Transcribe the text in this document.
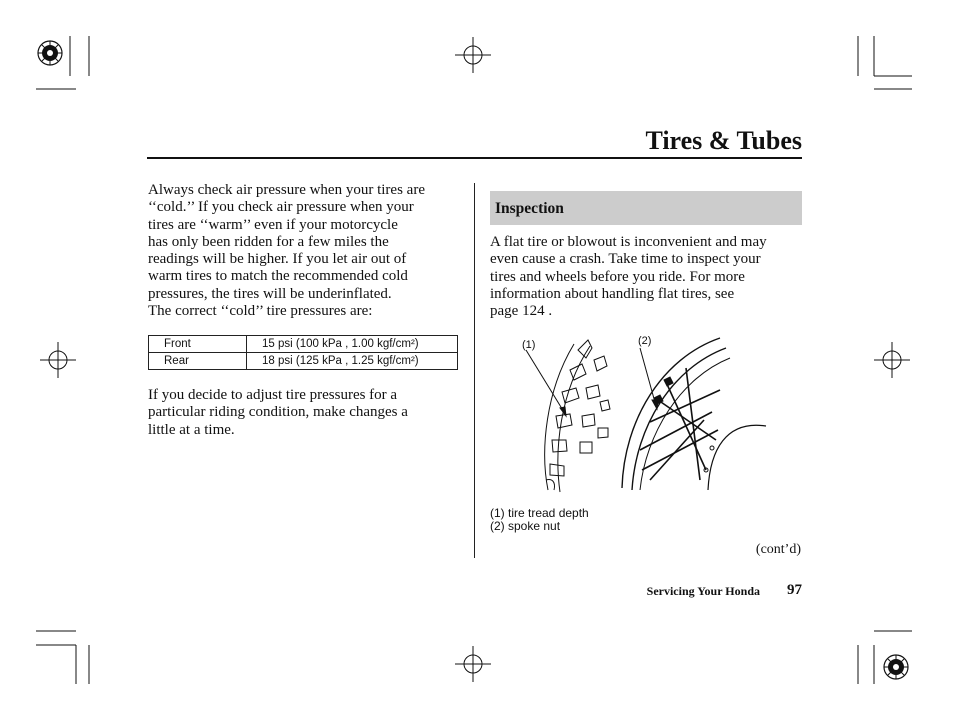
Tires & Tubes
Always check air pressure when your tires are
‘‘cold.’’ If you check air pressure when your
tires are ‘‘warm’’ even if your motorcycle
has only been ridden for a few miles the
readings will be higher. If you let air out of
warm tires to match the recommended cold
pressures, the tires will be underinflated.
The correct ‘‘cold’’ tire pressures are:
Front	15 psi (100 kPa , 1.00 kgf/cm²)
Rear	18 psi (125 kPa , 1.25 kgf/cm²)
If you decide to adjust tire pressures for a
particular riding condition, make changes a
little at a time.
Inspection
A flat tire or blowout is inconvenient and may
even cause a crash. Take time to inspect your
tires and wheels before you ride. For more
information about handling flat tires, see
page 124 .
(1)	(2)
(1) tire tread depth
(2) spoke nut
(cont’d)
Servicing Your Honda	97
